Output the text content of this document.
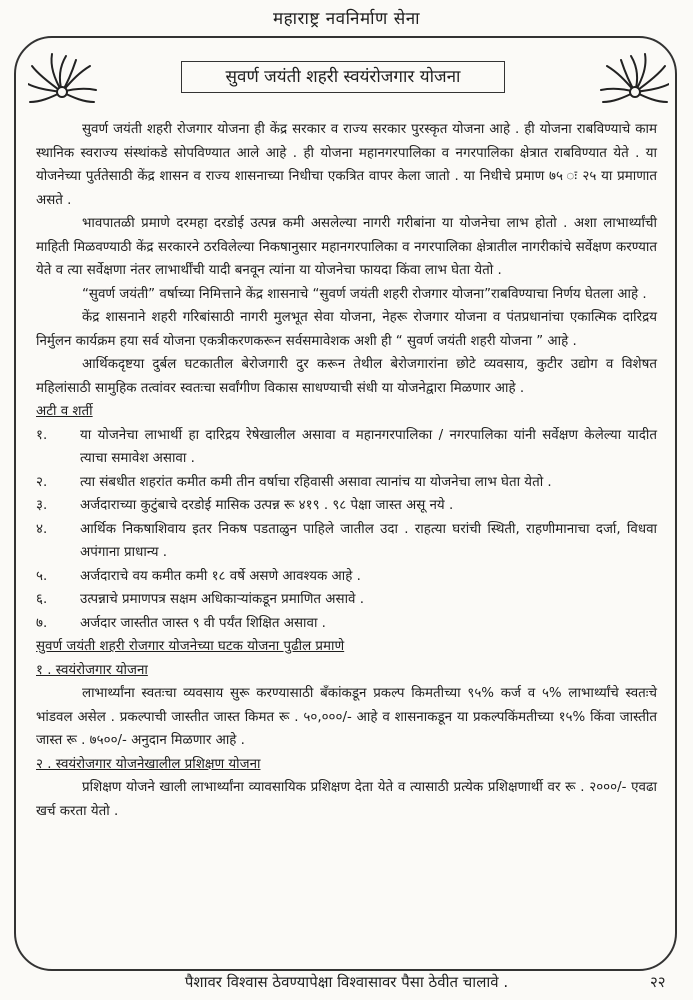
महाराष्ट्र नवनिर्माण सेना
सुवर्ण जयंती शहरी स्वयंरोजगार योजना

सुवर्ण जयंती शहरी रोजगार योजना ही केंद्र सरकार व राज्य सरकार पुरस्कृत योजना आहे . ही योजना राबविण्याचे काम स्थानिक स्वराज्य संस्थांकडे सोपविण्यात आले आहे . ही योजना महानगरपालिका व नगरपालिका क्षेत्रात राबविण्यात येते . या योजनेच्या पुर्ततेसाठी केंद्र शासन व राज्य शासनाच्या निधीचा एकत्रित वापर केला जातो . या निधीचे प्रमाण ७५ ः २५ या प्रमाणात असते .

भावपातळी प्रमाणे दरमहा दरडोई उत्पन्न कमी असलेल्या नागरी गरीबांना या योजनेचा लाभ होतो . अशा लाभार्थ्यांची माहिती मिळवण्याठी केंद्र सरकारने ठरविलेल्या निकषानुसार महानगरपालिका व नगरपालिका क्षेत्रातील नागरीकांचे सर्वेक्षण करण्यात येते व त्या सर्वेक्षणा नंतर लाभार्थींची यादी बनवून त्यांना या योजनेचा फायदा किंवा लाभ घेता येतो .

“सुवर्ण जयंती” वर्षाच्या निमित्ताने केंद्र शासनाचे “सुवर्ण जयंती शहरी रोजगार योजना”राबविण्याचा निर्णय घेतला आहे .

केंद्र शासनाने शहरी गरिबांसाठी नागरी मुलभूत सेवा योजना, नेहरू रोजगार योजना व पंतप्रधानांचा एकात्मिक दारिद्रय निर्मुलन कार्यक्रम हया सर्व योजना एकत्रीकरणकरून सर्वसमावेशक अशी ही “ सुवर्ण जयंती शहरी योजना ” आहे .

आर्थिकदृष्टया दुर्बल घटकातील बेरोजगारी दुर करून तेथील बेरोजगारांना छोटे व्यवसाय, कुटीर उद्योग व विशेषत महिलांसाठी सामुहिक तत्वांवर स्वतःचा सर्वांगीण विकास साधण्याची संधी या योजनेद्वारा मिळणार आहे .

अटी व शर्ती

१.	या योजनेचा लाभार्थी हा दारिद्रय रेषेखालील असावा व महानगरपालिका / नगरपालिका यांनी सर्वेक्षण केलेल्या यादीत त्याचा समावेश असावा .
२.	त्या संबधीत शहरांत कमीत कमी तीन वर्षाचा रहिवासी असावा त्यानांच या योजनेचा लाभ घेता येतो .
३.	अर्जदाराच्या कुटुंबाचे दरडोई मासिक उत्पन्न रू ४१९ . ९८ पेक्षा जास्त असू नये .
४.	आर्थिक निकषाशिवाय इतर निकष पडताळुन पाहिले जातील उदा . राहत्या घरांची स्थिती, राहणीमानाचा दर्जा, विधवा अपंगाना प्राधान्य .
५.	अर्जदाराचे वय कमीत कमी १८ वर्षे असणे आवश्यक आहे .
६.	उत्पन्नाचे प्रमाणपत्र सक्षम अधिकाऱ्यांकडून प्रमाणित असावे .
७.	अर्जदार जास्तीत जास्त ९ वी पर्यंत शिक्षित असावा .

सुवर्ण जयंती शहरी रोजगार योजनेच्या घटक योजना पुढील प्रमाणे

१ . स्वयंरोजगार योजना

लाभार्थ्यांना स्वतःचा व्यवसाय सुरू करण्यासाठी बँकांकडून प्रकल्प किमतीच्या ९५% कर्ज व ५% लाभार्थ्यांचे स्वतःचे भांडवल असेल . प्रकल्पाची जास्तीत जास्त किमत रू . ५०,०००/- आहे व शासनाकडून या प्रकल्पकिंमतीच्या १५% किंवा जास्तीत जास्त रू . ७५००/- अनुदान मिळणार आहे .

२ . स्वयंरोजगार योजनेखालील प्रशिक्षण योजना

प्रशिक्षण योजने खाली लाभार्थ्यांना व्यावसायिक प्रशिक्षण देता येते व त्यासाठी प्रत्येक प्रशिक्षणार्थी वर रू . २०००/- एवढा खर्च करता येतो .

पैशावर विश्वास ठेवण्यापेक्षा विश्वासावर पैसा ठेवीत चालावे .	२२
